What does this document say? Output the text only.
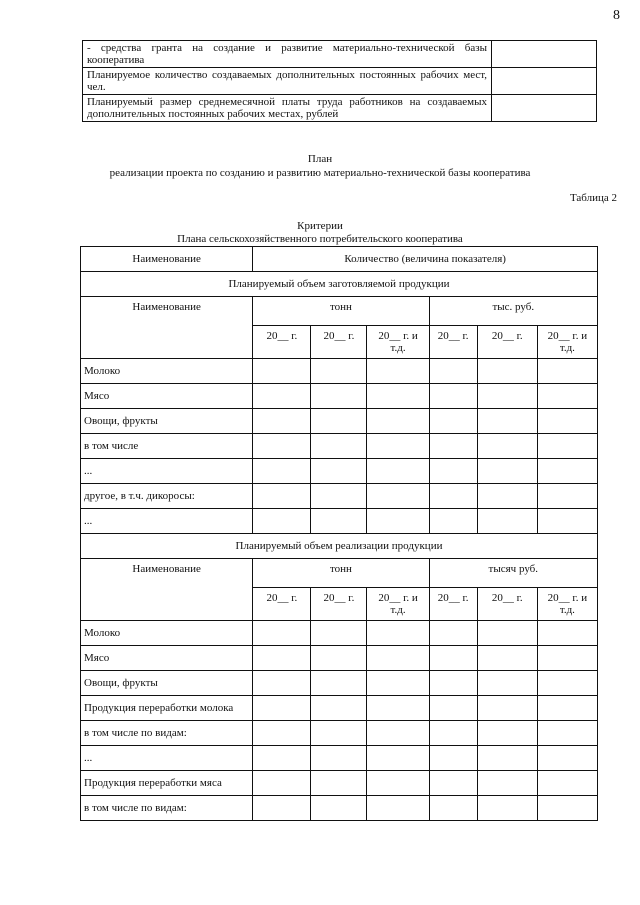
8
- средства гранта на создание и развитие материально-технической базы кооператива	
Планируемое количество создаваемых дополнительных постоянных рабочих мест, чел.	
Планируемый размер среднемесячной платы труда работников на создаваемых дополнительных постоянных рабочих местах, рублей	
План
реализации проекта по созданию и развитию материально-технической базы кооператива
Таблица 2
Критерии
Плана сельскохозяйственного потребительского кооператива
Наименование	Количество (величина показателя)					
Планируемый объем заготовляемой продукции						
Наименование	тонн			тыс. руб.		
	20__ г.	20__ г.	20__ г. и т.д.	20__ г.	20__ г.	20__ г. и т.д.
Молоко						
Мясо						
Овощи, фрукты						
в том числе						
...						
другое, в т.ч. дикоросы:						
...						
Планируемый объем реализации продукции						
Наименование	тонн			тысяч руб.		
	20__ г.	20__ г.	20__ г. и т.д.	20__ г.	20__ г.	20__ г. и т.д.
Молоко						
Мясо						
Овощи, фрукты						
Продукция переработки молока						
в том числе по видам:						
...						
Продукция переработки мяса						
в том числе по видам:						
